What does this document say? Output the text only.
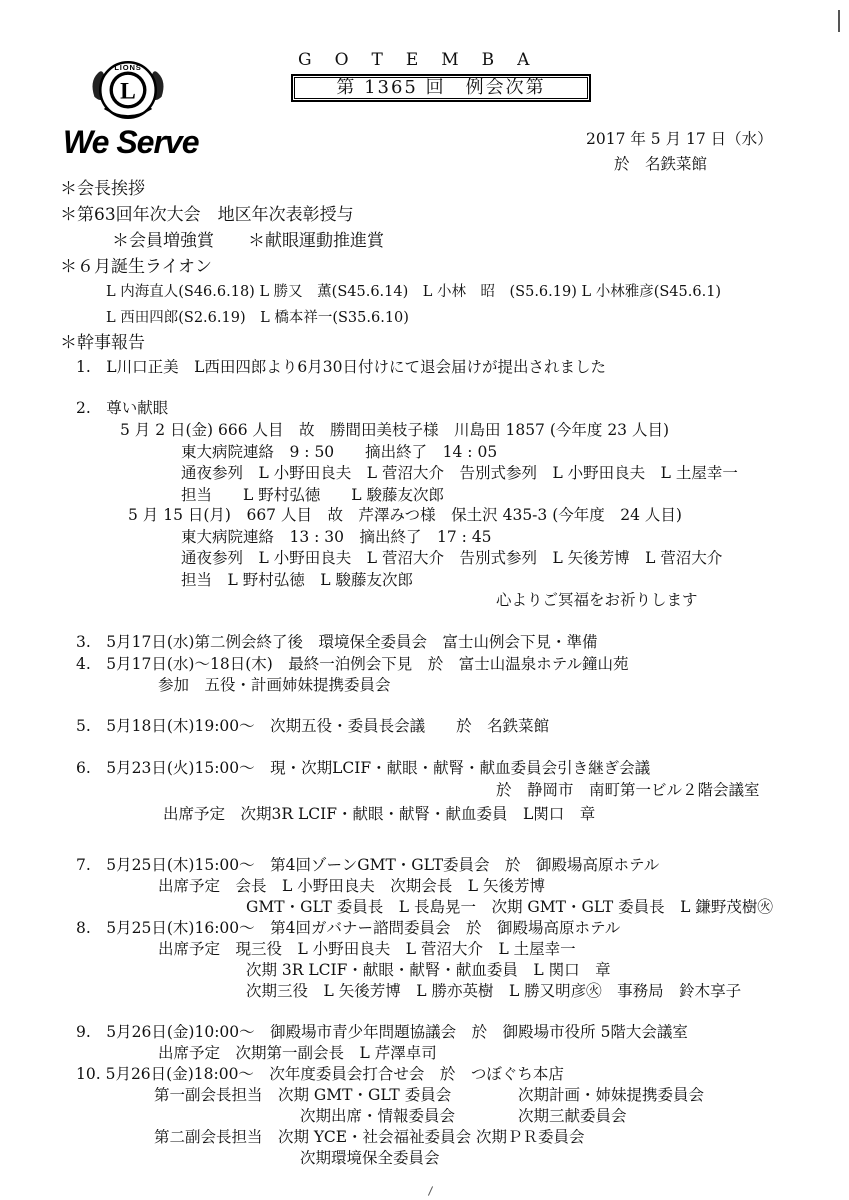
L
LIONS
We Serve
GOTEMBA
第 1365 回　例会次第
2017 年 5 月 17 日（水）
於　名鉄菜館
＊会長挨拶
＊第63回年次大会　地区年次表彰授与
＊会員増強賞　　＊献眼運動推進賞
＊６月誕生ライオン
L 内海直人(S46.6.18) L 勝又　薫(S45.6.14)　L 小林　昭　(S5.6.19) L 小林雅彦(S45.6.1)
L 西田四郎(S2.6.19)　L 橋本祥一(S35.6.10)
＊幹事報告
1.　L川口正美　L西田四郎より6月30日付けにて退会届けが提出されました
2.　尊い献眼
5 月 2 日(金) 666 人目　故　勝間田美枝子様　川島田 1857 (今年度 23 人目)
東大病院連絡　9 : 50　　摘出終了　14 : 05
通夜参列　L 小野田良夫　L 菅沼大介　告別式参列　L 小野田良夫　L 土屋幸一
担当　　L 野村弘徳　　L 駿藤友次郎
5 月 15 日(月)　667 人目　故　芹澤みつ様　保土沢 435-3 (今年度　24 人目)
東大病院連絡　13 : 30　摘出終了　17 : 45
通夜参列　L 小野田良夫　L 菅沼大介　告別式参列　L 矢後芳博　L 菅沼大介
担当　L 野村弘徳　L 駿藤友次郎
心よりご冥福をお祈りします
3.　5月17日(水)第二例会終了後　環境保全委員会　富士山例会下見・準備
4.　5月17日(水)～18日(木)　最終一泊例会下見　於　富士山温泉ホテル鐘山苑
参加　五役・計画姉妹提携委員会
5.　5月18日(木)19:00～　次期五役・委員長会議　　於　名鉄菜館
6.　5月23日(火)15:00～　現・次期LCIF・献眼・献腎・献血委員会引き継ぎ会議
於　静岡市　南町第一ビル２階会議室
出席予定　次期3R LCIF・献眼・献腎・献血委員　L関口　章
7.　5月25日(木)15:00～　第4回ゾーンGMT・GLT委員会　於　御殿場高原ホテル
出席予定　会長　L 小野田良夫　次期会長　L 矢後芳博
GMT・GLT 委員長　L 長島晃一　次期 GMT・GLT 委員長　L 鎌野茂樹㊋
8.　5月25日(木)16:00～　第4回ガバナー諮問委員会　於　御殿場高原ホテル
出席予定　現三役　L 小野田良夫　L 菅沼大介　L 土屋幸一
次期 3R LCIF・献眼・献腎・献血委員　L 関口　章
次期三役　L 矢後芳博　L 勝亦英樹　L 勝又明彦㊋　事務局　鈴木享子
9.　5月26日(金)10:00～　御殿場市青少年問題協議会　於　御殿場市役所 5階大会議室
出席予定　次期第一副会長　L 芹澤卓司
10. 5月26日(金)18:00～　次年度委員会打合せ会　於　つぼぐち本店
第一副会長担当　次期 GMT・GLT 委員会	次期計画・姉妹提携委員会
次期出席・情報委員会	次期三献委員会
第二副会長担当　次期 YCE・社会福祉委員会 次期ＰＲ委員会
次期環境保全委員会
